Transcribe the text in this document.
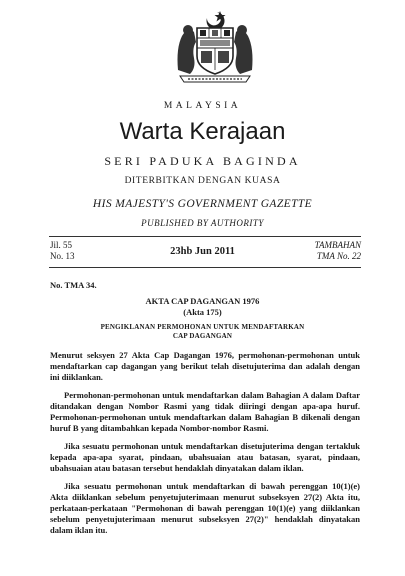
MALAYSIA
Warta Kerajaan
SERI PADUKA BAGINDA
DITERBITKAN DENGAN KUASA
HIS MAJESTY'S GOVERNMENT GAZETTE
PUBLISHED BY AUTHORITY
Jil. 55
No. 13	23hb Jun 2011
TAMBAHAN
TMA No. 22
No. TMA 34.
AKTA CAP DAGANGAN 1976
(Akta 175)
PENGIKLANAN PERMOHONAN UNTUK MENDAFTARKAN
CAP DAGANGAN

Menurut seksyen 27 Akta Cap Dagangan 1976, permohonan-permohonan untuk mendaftarkan cap dagangan yang berikut telah disetujuterima dan adalah dengan ini diiklankan.

Permohonan-permohonan untuk mendaftarkan dalam Bahagian A dalam Daftar ditandakan dengan Nombor Rasmi yang tidak diiringi dengan apa-apa huruf. Permohonan-permohonan untuk mendaftarkan dalam Bahagian B dikenali dengan huruf B yang ditambahkan kepada Nombor-nombor Rasmi.

Jika sesuatu permohonan untuk mendaftarkan disetujuterima dengan tertakluk kepada apa-apa syarat, pindaan, ubahsuaian atau batasan, syarat, pindaan, ubahsuaian atau batasan tersebut hendaklah dinyatakan dalam iklan.

Jika sesuatu permohonan untuk mendaftarkan di bawah perenggan 10(1)(e) Akta diiklankan sebelum penyetujuterimaan menurut subseksyen 27(2) Akta itu, perkataan-perkataan "Permohonan di bawah perenggan 10(1)(e) yang diiklankan sebelum penyetujuterimaan menurut subseksyen 27(2)" hendaklah dinyatakan dalam iklan itu.
